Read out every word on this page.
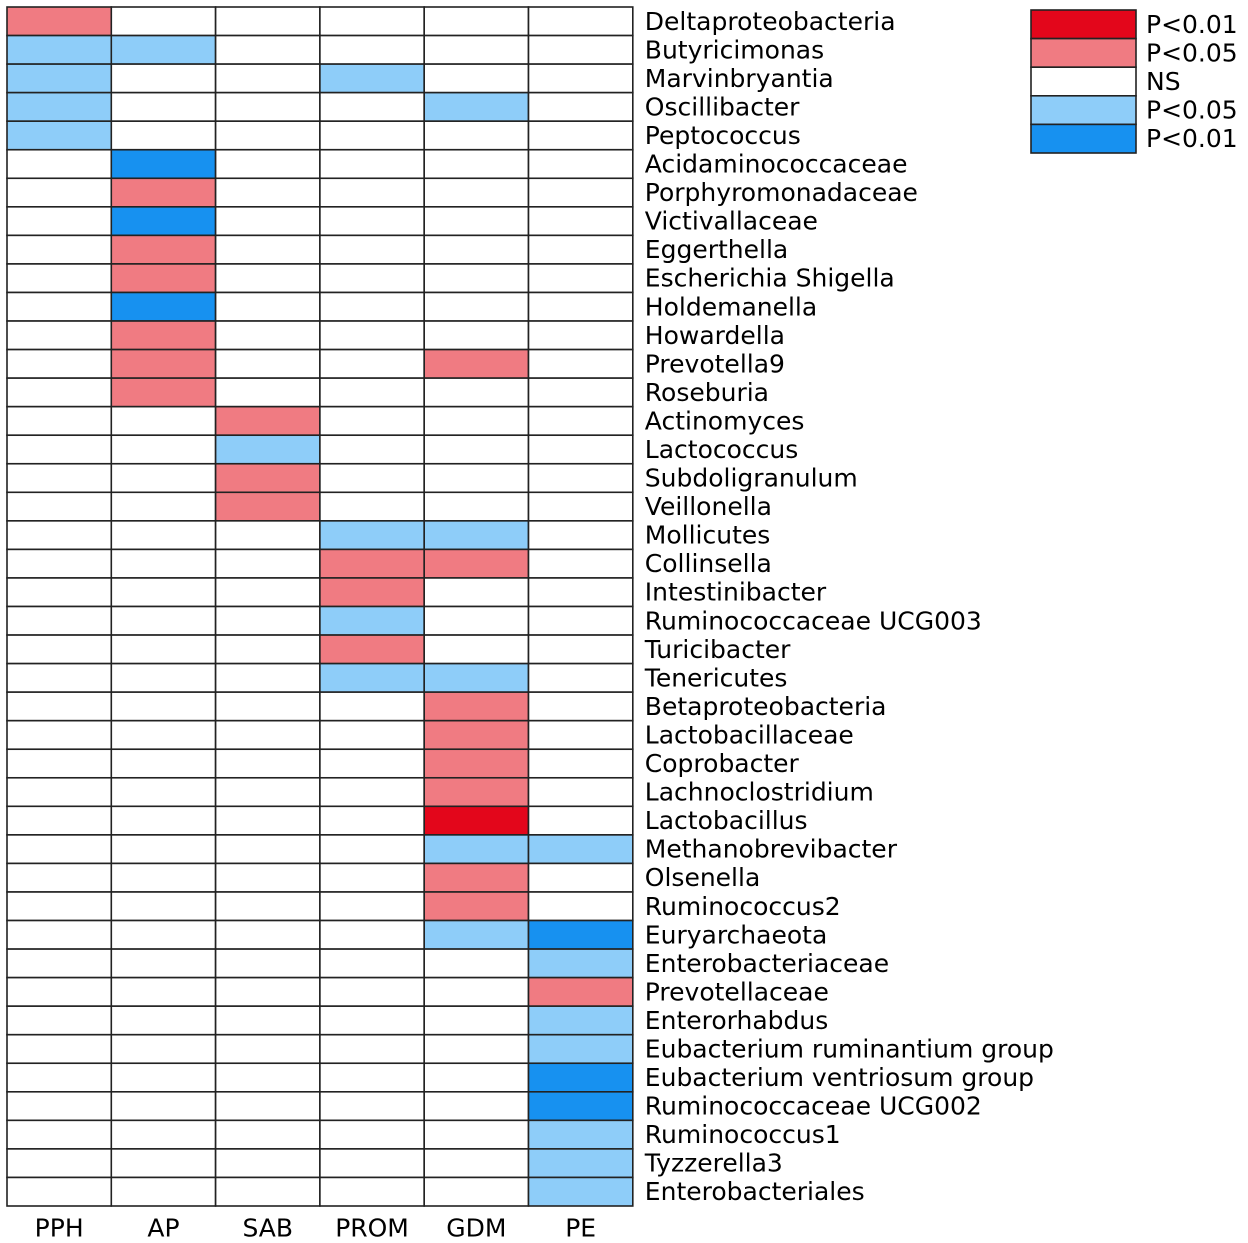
Deltaproteobacteria
Butyricimonas
Marvinbryantia
Oscillibacter
Peptococcus
Acidaminococcaceae
Porphyromonadaceae
Victivallaceae
Eggerthella
Escherichia Shigella
Holdemanella
Howardella
Prevotella9
Roseburia
Actinomyces
Lactococcus
Subdoligranulum
Veillonella
Mollicutes
Collinsella
Intestinibacter
Ruminococcaceae UCG003
Turicibacter
Tenericutes
Betaproteobacteria
Lactobacillaceae
Coprobacter
Lachnoclostridium
Lactobacillus
Methanobrevibacter
Olsenella
Ruminococcus2
Euryarchaeota
Enterobacteriaceae
Prevotellaceae
Enterorhabdus
Eubacterium ruminantium group
Eubacterium ventriosum group
Ruminococcaceae UCG002
Ruminococcus1
Tyzzerella3
Enterobacteriales
PPH	AP	SAB PROM GDM PE
P<0.01
P<0.05
NS
P<0.05
P<0.01
